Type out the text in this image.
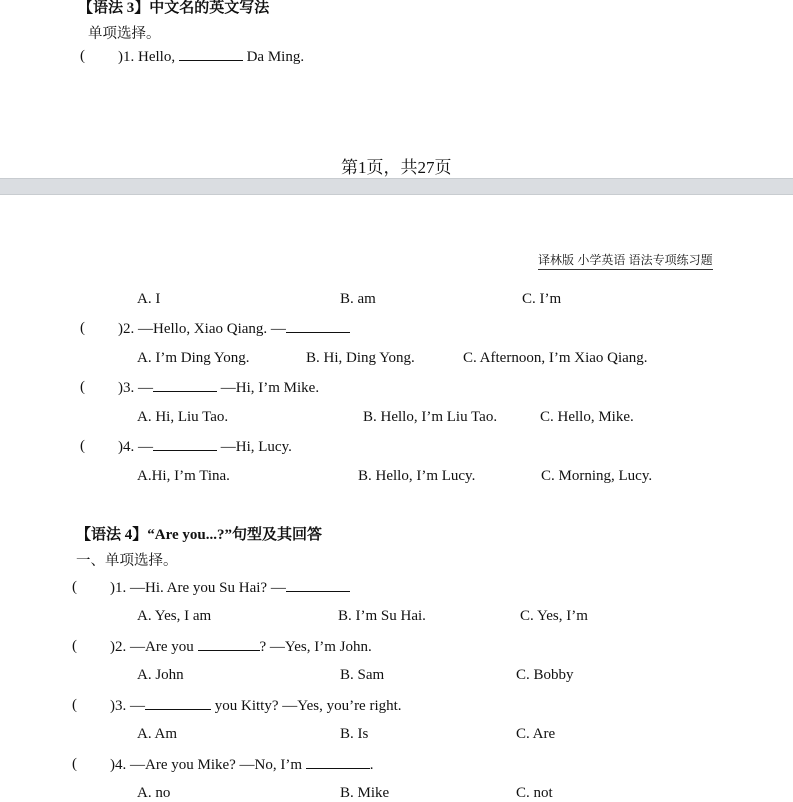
【语法 3】中文名的英文写法
单项选择。
( )1. Hello,	Da Ming.
第1页，共27页
译林版 小学英语 语法专项练习题
A. I	B. am	C. I’m
( )2. —Hello, Xiao Qiang. —
A. I’m Ding Yong.	B. Hi, Ding Yong.	C. Afternoon, I’m Xiao Qiang.
( )3. —	—Hi, I’m Mike.
A. Hi, Liu Tao.	B. Hello, I’m Liu Tao.	C. Hello, Mike.
( )4. —	—Hi, Lucy.
A.Hi, I’m Tina.	B. Hello, I’m Lucy.	C. Morning, Lucy.
【语法 4】“Are you...?”句型及其回答
一、单项选择。
( )1. —Hi. Are you Su Hai? —
A. Yes, I am	B. I’m Su Hai.	C. Yes, I’m
( )2. —Are you	? —Yes, I’m John.
A. John	B. Sam	C. Bobby
( )3. —	you Kitty? —Yes, you’re right.
A. Am	B. Is	C. Are
( )4. —Are you Mike? —No, I’m	.
A. no	B. Mike	C. not
